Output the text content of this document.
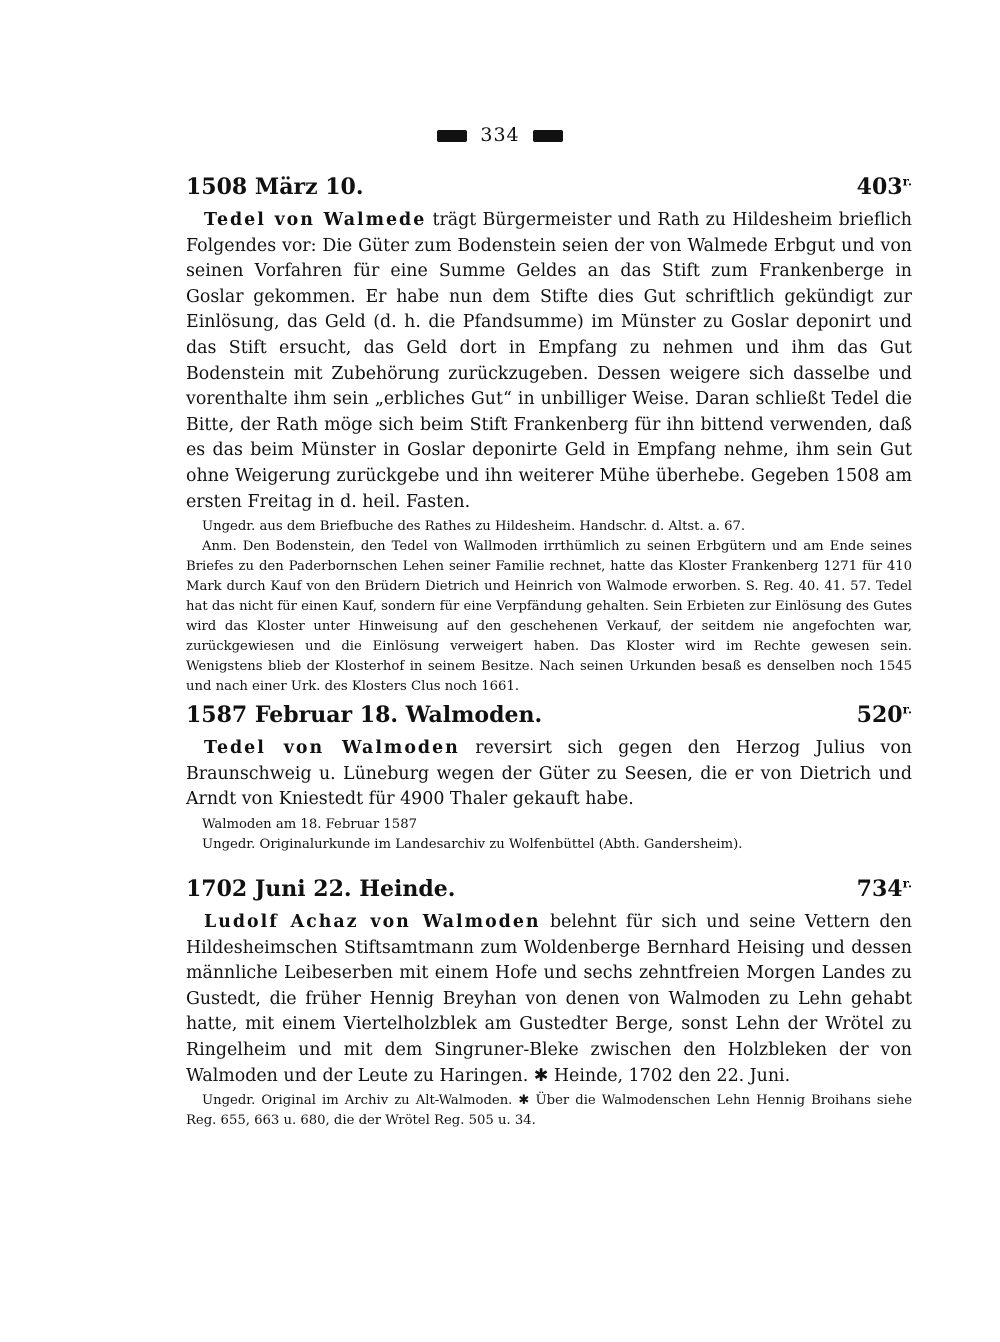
334
1508 März 10.	$403^{r.}$

Tedel von Walmede trägt Bürgermeister und Rath zu Hildesheim brieflich Folgendes vor: Die Güter zum Bodenstein seien der von Walmede Erbgut und von seinen Vorfahren für eine Summe Geldes an das Stift zum Frankenberge in Goslar gekommen. Er habe nun dem Stifte dies Gut schriftlich gekündigt zur Einlösung, das Geld (d. h. die Pfandsumme) im Münster zu Goslar deponirt und das Stift ersucht, das Geld dort in Empfang zu nehmen und ihm das Gut Bodenstein mit Zubehörung zurückzugeben. Dessen weigere sich dasselbe und vorenthalte ihm sein „erbliches Gut“ in unbilliger Weise. Daran schließt Tedel die Bitte, der Rath möge sich beim Stift Frankenberg für ihn bittend verwenden, daß es das beim Münster in Goslar deponirte Geld in Empfang nehme, ihm sein Gut ohne Weigerung zurückgebe und ihn weiterer Mühe überhebe. Gegeben 1508 am ersten Freitag in d. heil. Fasten.

Ungedr. aus dem Briefbuche des Rathes zu Hildesheim. Handschr. d. Altst. a. 67.

Anm. Den Bodenstein, den Tedel von Wallmoden irrthümlich zu seinen Erbgütern und am Ende seines Briefes zu den Paderbornschen Lehen seiner Familie rechnet, hatte das Kloster Frankenberg 1271 für 410 Mark durch Kauf von den Brüdern Dietrich und Heinrich von Walmode erworben. S. Reg. 40. 41. 57. Tedel hat das nicht für einen Kauf, sondern für eine Verpfändung gehalten. Sein Erbieten zur Einlösung des Gutes wird das Kloster unter Hinweisung auf den geschehenen Verkauf, der seitdem nie angefochten war, zurückgewiesen und die Einlösung verweigert haben. Das Kloster wird im Rechte gewesen sein. Wenigstens blieb der Klosterhof in seinem Besitze. Nach seinen Urkunden besaß es denselben noch 1545 und nach einer Urk. des Klosters Clus noch 1661.

1587 Februar 18. Walmoden.	$520^{r.}$

Tedel von Walmoden reversirt sich gegen den Herzog Julius von Braunschweig u. Lüneburg wegen der Güter zu Seesen, die er von Dietrich und Arndt von Kniestedt für 4900 Thaler gekauft habe.

Walmoden am 18. Februar 1587

Ungedr. Originalurkunde im Landesarchiv zu Wolfenbüttel (Abth. Gandersheim).

1702 Juni 22. Heinde.	$734^{r.}$

Ludolf Achaz von Walmoden belehnt für sich und seine Vettern den Hildesheimschen Stiftsamtmann zum Woldenberge Bernhard Heising und dessen männliche Leibeserben mit einem Hofe und sechs zehntfreien Morgen Landes zu Gustedt, die früher Hennig Breyhan von denen von Walmoden zu Lehn gehabt hatte, mit einem Viertelholzblek am Gustedter Berge, sonst Lehn der Wrötel zu Ringelheim und mit dem Singruner-Bleke zwischen den Holzbleken der von Walmoden und der Leute zu Haringen. ✱ Heinde, 1702 den 22. Juni.

Ungedr. Original im Archiv zu Alt-Walmoden. ✱ Über die Walmodenschen Lehn Hennig Broihans siehe Reg. 655, 663 u. 680, die der Wrötel Reg. 505 u. 34.
